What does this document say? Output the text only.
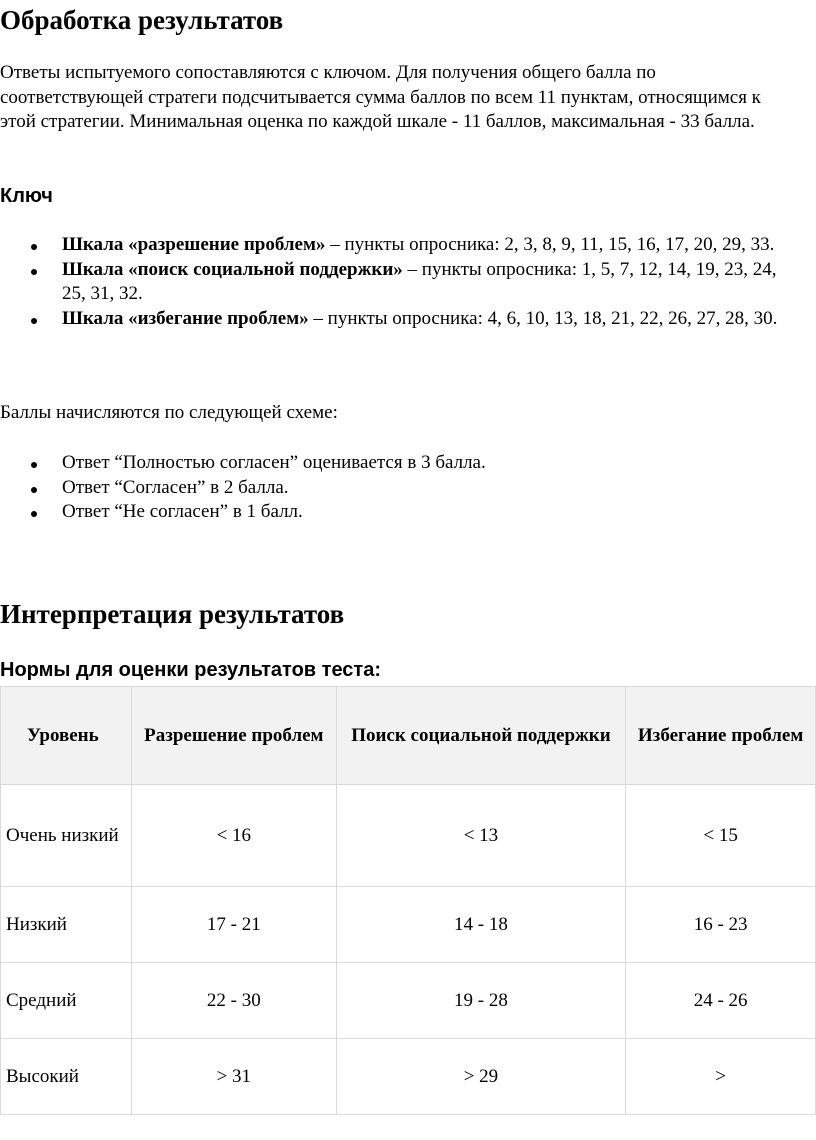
Обработка результатов

Ответы испытуемого сопоставляются с ключом. Для получения общего балла по соответствующей стратеги подсчитывается сумма баллов по всем 11 пунктам, относящимся к этой стратегии. Минимальная оценка по каждой шкале - 11 баллов, максимальная - 33 балла.

Ключ
Шкала «разрешение проблем» – пункты опросника: 2, 3, 8, 9, 11, 15, 16, 17, 20, 29, 33.
Шкала «поиск социальной поддержки» – пункты опросника: 1, 5, 7, 12, 14, 19, 23, 24, 25, 31, 32.
Шкала «избегание проблем» – пункты опросника: 4, 6, 10, 13, 18, 21, 22, 26, 27, 28, 30.

Баллы начисляются по следующей схеме:

Ответ “Полностью согласен” оценивается в 3 балла.
Ответ “Согласен” в 2 балла.
Ответ “Не согласен” в 1 балл.
Интерпретация результатов
Нормы для оценки результатов теста:
Уровень	Разрешение проблем	Поиск социальной поддержки	Избегание проблем
Очень низкий	< 16	< 13	< 15
Низкий	17 - 21	14 - 18	16 - 23
Средний	22 - 30	19 - 28	24 - 26
Высокий	> 31	> 29	>
